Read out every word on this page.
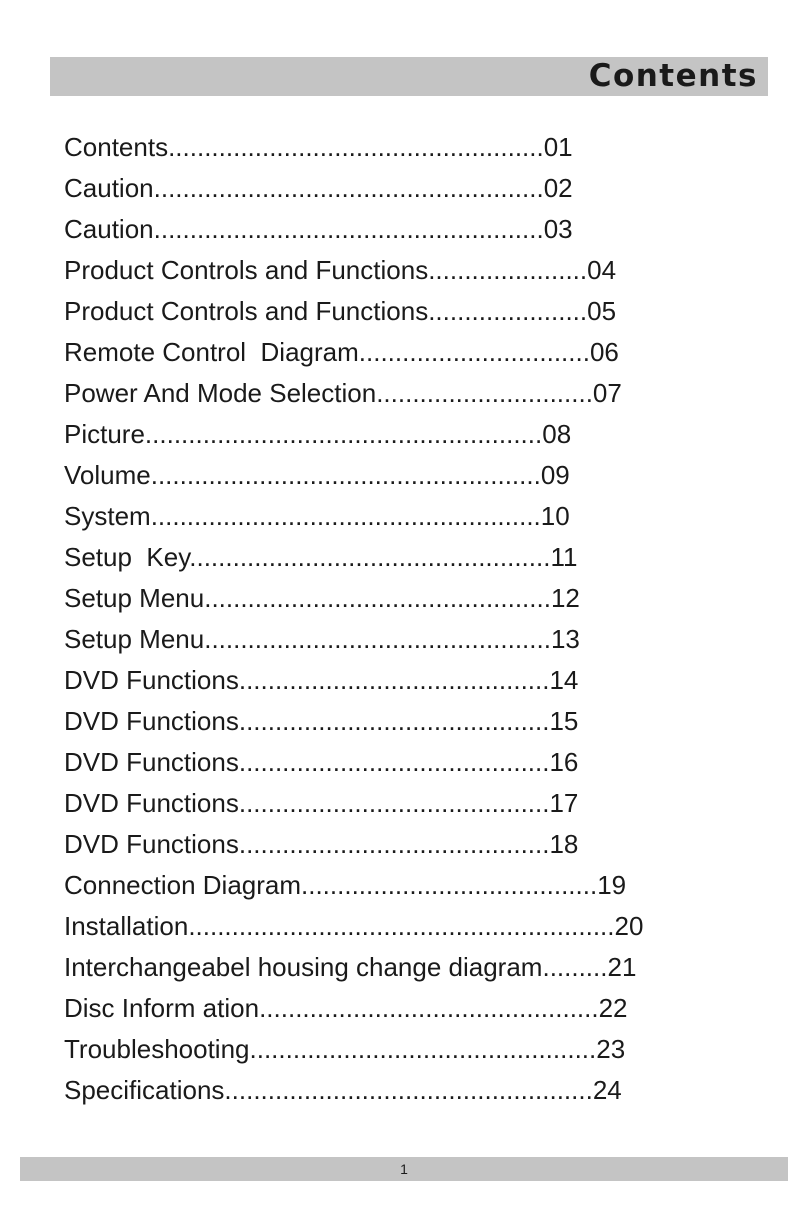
Contents
Contents....................................................01
Caution......................................................02
Caution......................................................03
Product Controls and Functions......................04
Product Controls and Functions......................05
Remote Control  Diagram................................06
Power And Mode Selection..............................07
Picture.......................................................08
Volume......................................................09
System......................................................10
Setup  Key..................................................11
Setup Menu................................................12
Setup Menu................................................13
DVD Functions...........................................14
DVD Functions...........................................15
DVD Functions...........................................16
DVD Functions...........................................17
DVD Functions...........................................18
Connection Diagram.........................................19
Installation...........................................................20
Interchangeabel housing change diagram.........21
Disc Inform ation...............................................22
Troubleshooting................................................23
Specifications...................................................24
1
